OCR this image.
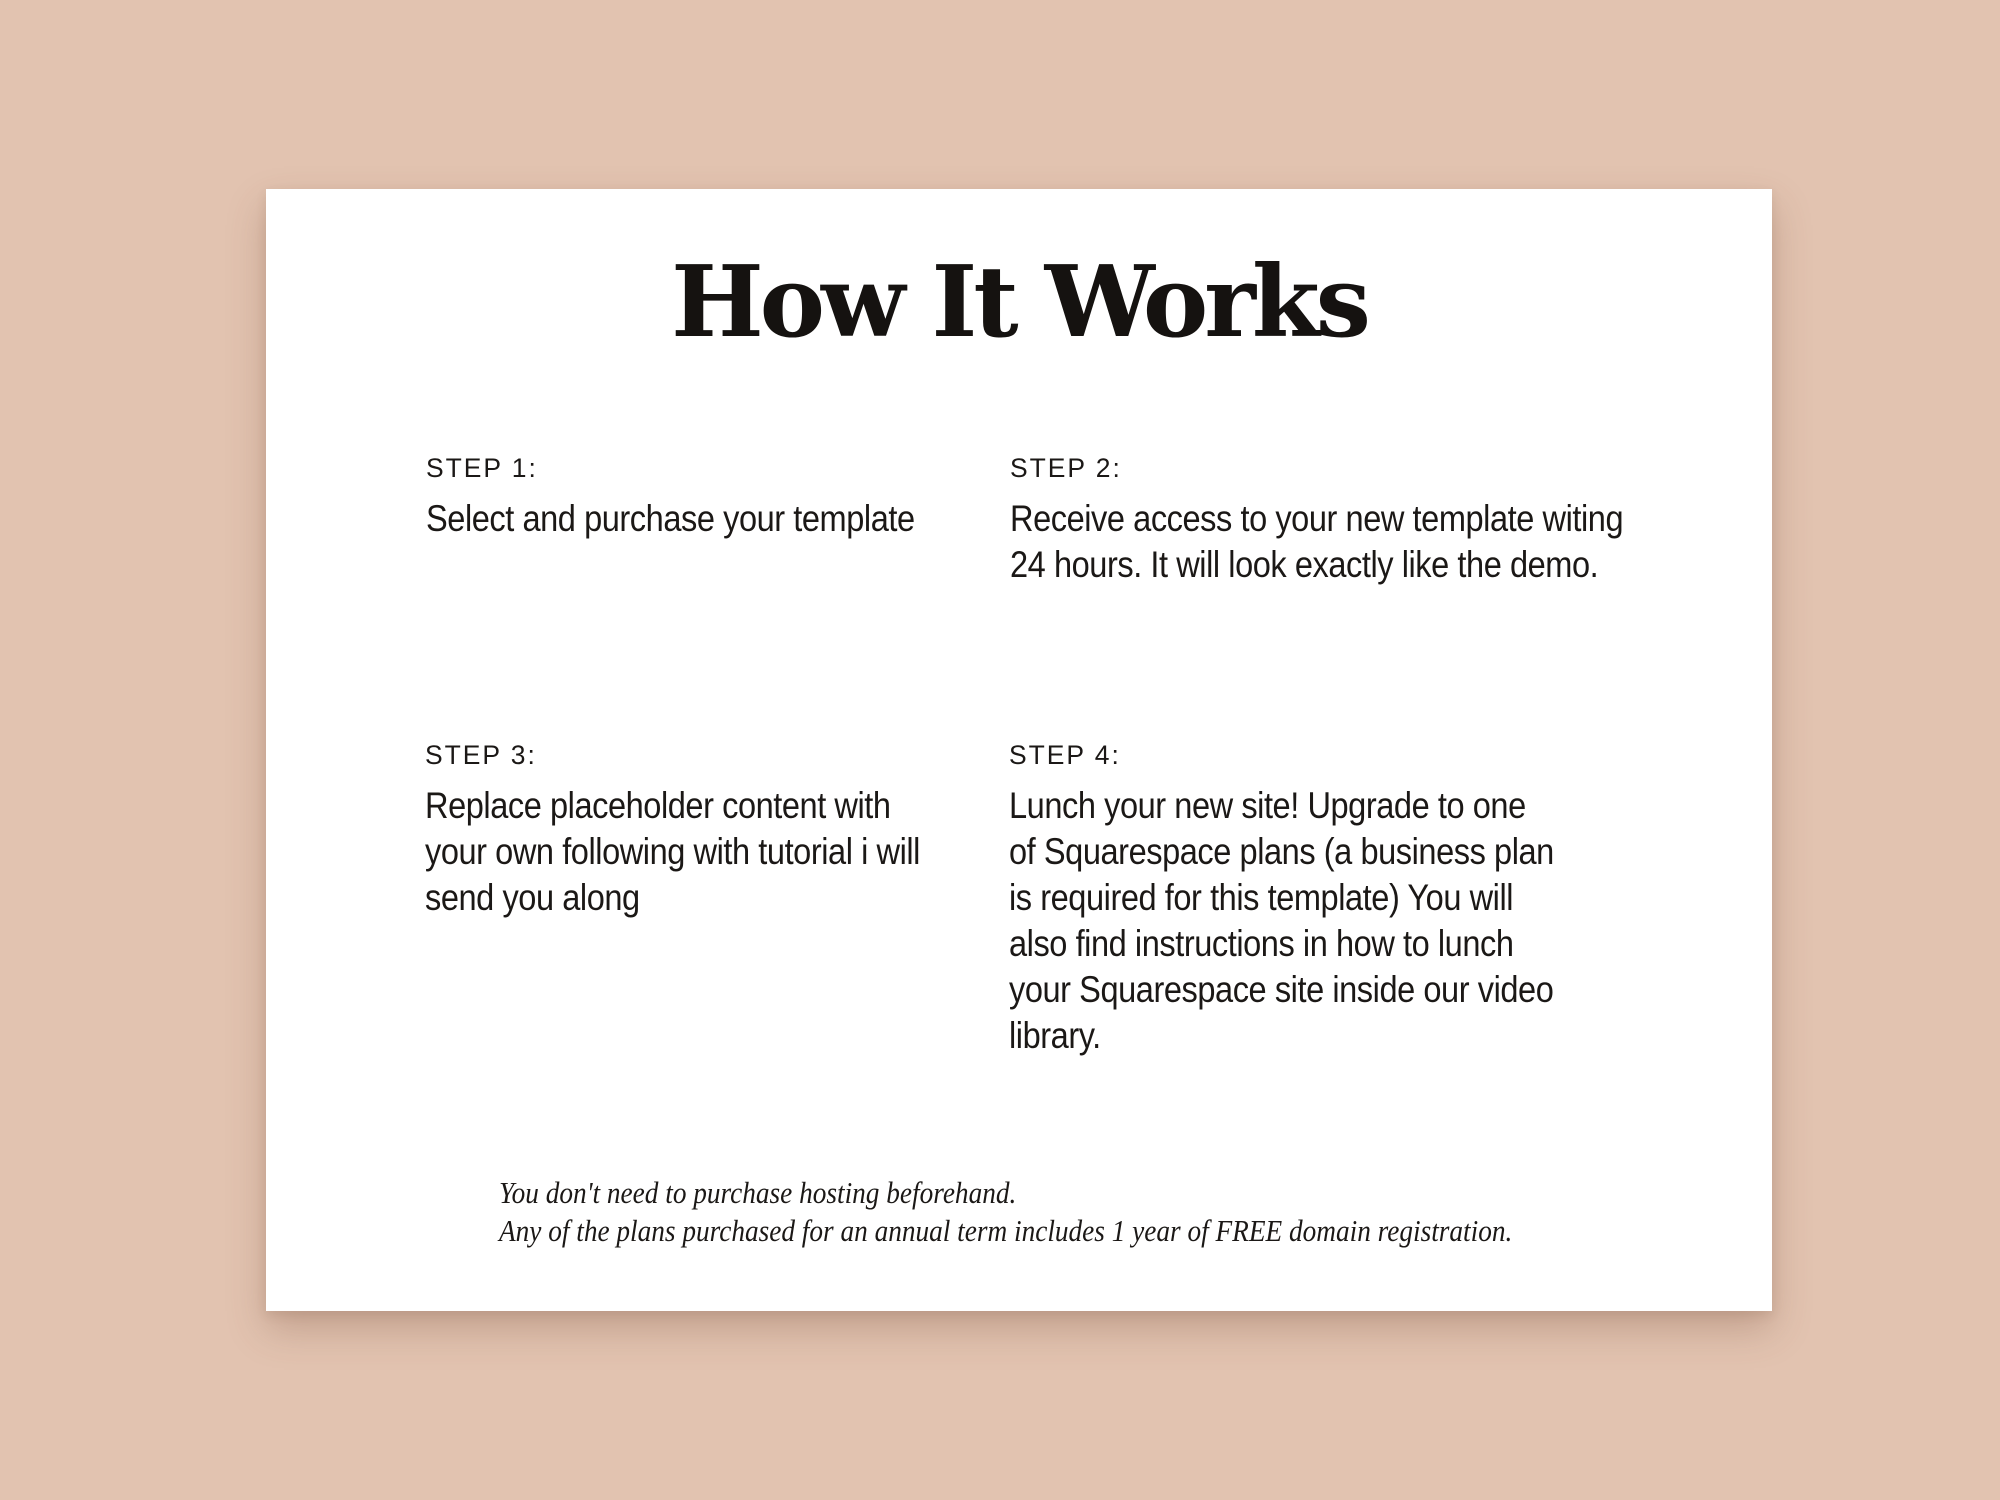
How It Works
STEP 1:

Select and purchase your template

STEP 2:

Receive access to your new template witing 24 hours. It will look exactly like the demo.

STEP 3:

Replace placeholder content with your own following with tutorial i will send you along

STEP 4:

Lunch your new site! Upgrade to one of Squarespace plans (a business plan is required for this template) You will also find instructions in how to lunch your Squarespace site inside our video library.

You don't need to purchase hosting beforehand.
Any of the plans purchased for an annual term includes 1 year of FREE domain registration.
